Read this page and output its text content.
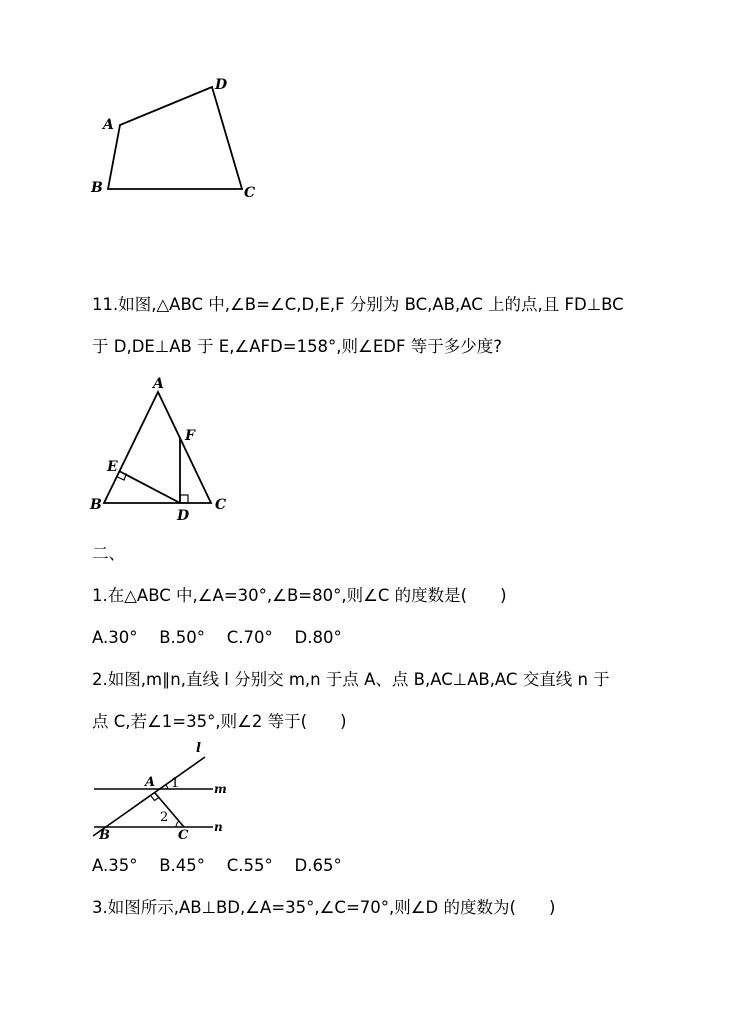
A
D
B	C
11.如图,△ABC 中,∠B=∠C,D,E,F 分别为 BC,AB,AC 上的点,且 FD⊥BC
于 D,DE⊥AB 于 E,∠AFD=158°,则∠EDF 等于多少度?
A
F
E
B	C
D
二、
1.在△ABC 中,∠A=30°,∠B=80°,则∠C 的度数是(　　)
A.30°　 B.50°　 C.70°　 D.80°
2.如图,m∥n,直线 l 分别交 m,n 于点 A、点 B,AC⊥AB,AC 交直线 n 于
点 C,若∠1=35°,则∠2 等于(　　)
l
m
n
A
B	C
1
2
A.35°　 B.45°　 C.55°　 D.65°
3.如图所示,AB⊥BD,∠A=35°,∠C=70°,则∠D 的度数为(　　)
